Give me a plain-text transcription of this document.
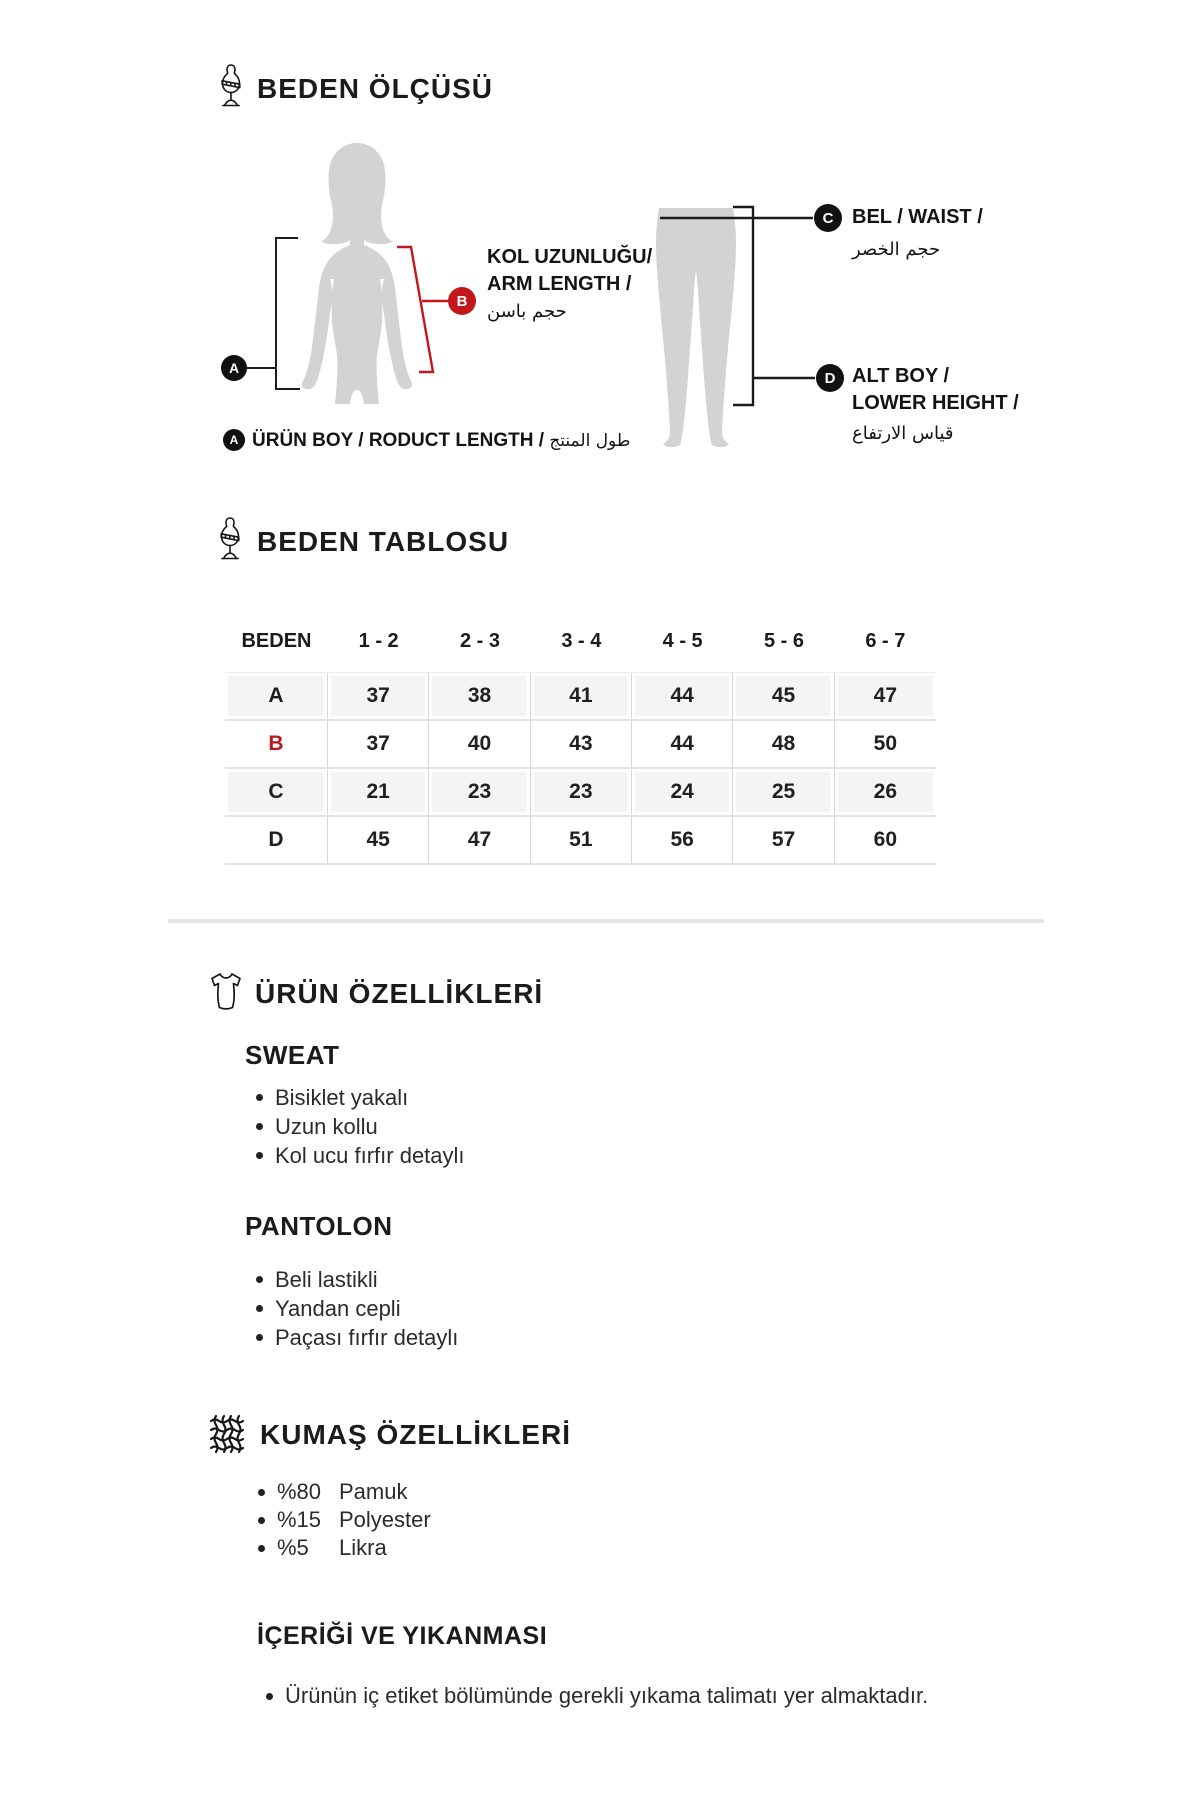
BEDEN ÖLÇÜSÜ
A
B
C
D
KOL UZUNLUĞU/
ARM LENGTH /
حجم باسن
BEL / WAIST /
حجم الخصر
ALT BOY /
LOWER HEIGHT /
قياس الارتفاع
A ÜRÜN BOY / RODUCT LENGTH / طول المنتج
BEDEN TABLOSU
BEDEN	1 - 2	2 - 3	3 - 4	4 - 5	5 - 6	6 - 7
A	37	38	41	44	45	47
B	37	40	43	44	48	50
C	21	23	23	24	25	26
D	45	47	51	56	57	60
ÜRÜN ÖZELLİKLERİ
SWEAT
Bisiklet yakalı
Uzun kollu
Kol ucu fırfır detaylı
PANTOLON
Beli lastikli
Yandan cepli
Paçası fırfır detaylı
KUMAŞ ÖZELLİKLERİ
%80 Pamuk
%15 Polyester
%5	Likra
İÇERİĞİ VE YIKANMASI
Ürünün iç etiket bölümünde gerekli yıkama talimatı yer almaktadır.
